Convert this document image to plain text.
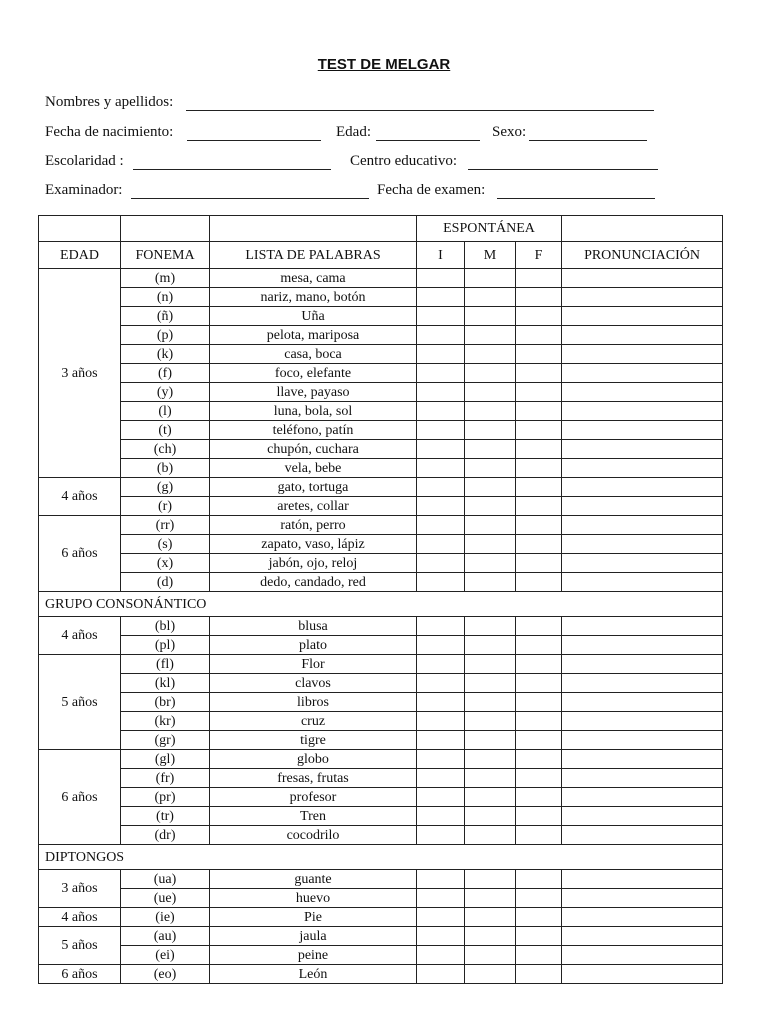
TEST DE MELGAR
Nombres y apellidos:
Fecha de nacimiento:	Edad:	Sexo:
Escolaridad :	Centro educativo:
Examinador:	Fecha de examen:
			ESPONTÁNEA			
EDAD	FONEMA	LISTA DE PALABRAS	I	M	F	PRONUNCIACIÓN
3 años	(m)	mesa, cama				
	(n)	nariz, mano, botón				
	(ñ)	Uña				
	(p)	pelota, mariposa				
	(k)	casa, boca				
	(f)	foco, elefante				
	(y)	llave, payaso				
	(l)	luna, bola, sol				
	(t)	teléfono, patín				
	(ch)	chupón, cuchara				
	(b)	vela, bebe				
4 años	(g)	gato, tortuga				
	(r)	aretes, collar				
6 años	(rr)	ratón, perro				
	(s)	zapato, vaso, lápiz				
	(x)	jabón, ojo, reloj				
	(d)	dedo, candado, red				
GRUPO CONSONÁNTICO						
4 años	(bl)	blusa				
	(pl)	plato				
5 años	(fl)	Flor				
	(kl)	clavos				
	(br)	libros				
	(kr)	cruz				
	(gr)	tigre				
6 años	(gl)	globo				
	(fr)	fresas, frutas				
	(pr)	profesor				
	(tr)	Tren				
	(dr)	cocodrilo				
DIPTONGOS						
3 años	(ua)	guante				
	(ue)	huevo				
4 años	(ie)	Pie				
5 años	(au)	jaula				
	(ei)	peine				
6 años	(eo)	León				
